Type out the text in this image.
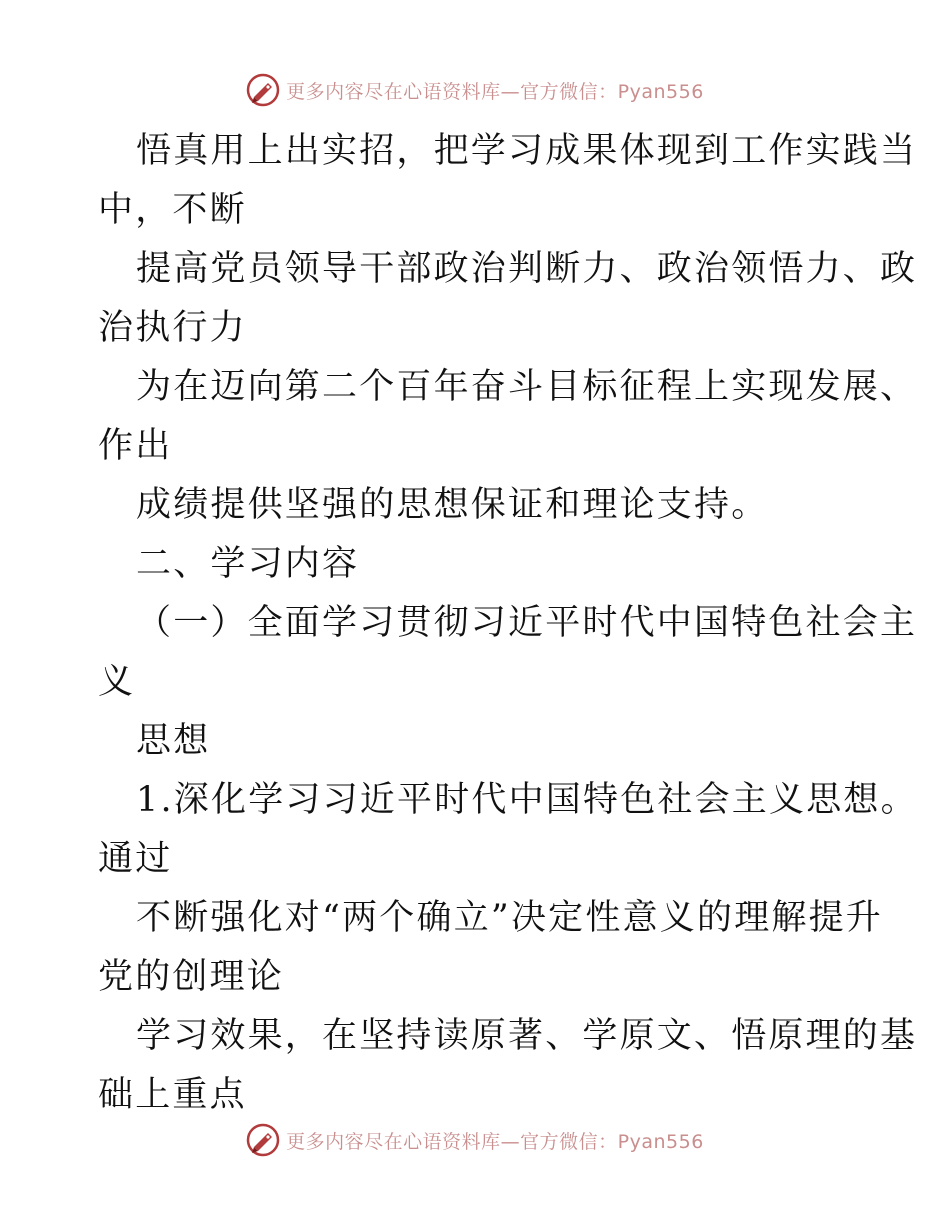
更多内容尽在心语资料库—官方微信：Pyan556
悟真用上出实招，把学习成果体现到工作实践当
中，不断
提高党员领导干部政治判断力、政治领悟力、政
治执行力
为在迈向第二个百年奋斗目标征程上实现发展、
作出
成绩提供坚强的思想保证和理论支持。
二、学习内容
（一）全面学习贯彻习近平时代中国特色社会主
义
思想
1.深化学习习近平时代中国特色社会主义思想。
通过
不断强化对“两个确立”决定性意义的理解提升
党的创理论
学习效果，在坚持读原著、学原文、悟原理的基
础上重点
更多内容尽在心语资料库—官方微信：Pyan556
